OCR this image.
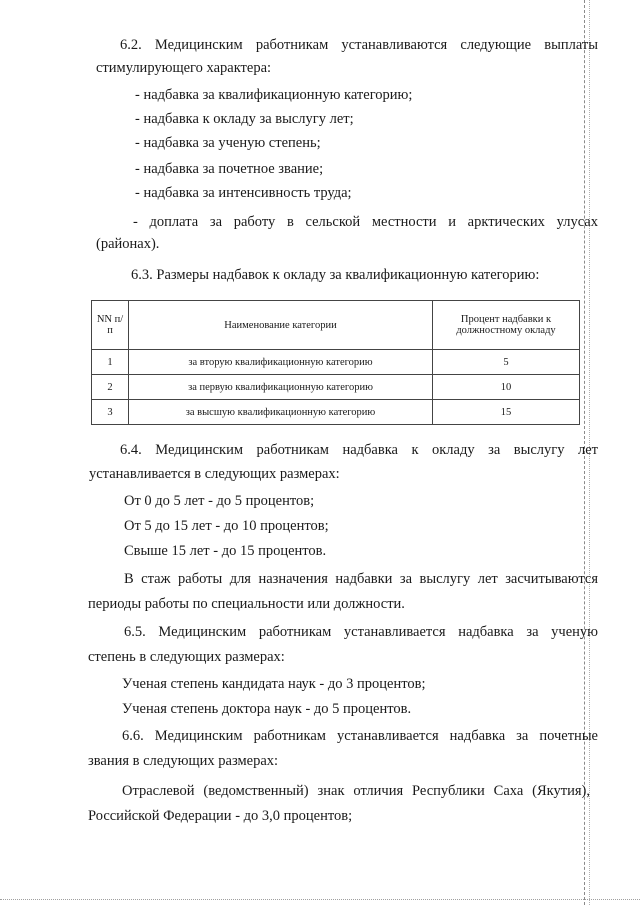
6.2. Медицинским работникам устанавливаются следующие выплаты
стимулирующего характера:
- надбавка за квалификационную категорию;
- надбавка к окладу за выслугу лет;
- надбавка за ученую степень;
- надбавка за почетное звание;
- надбавка за интенсивность труда;
- доплата за работу в сельской местности и арктических улусах
(районах).
6.3. Размеры надбавок к окладу за квалификационную категорию:
NN п/п	Наименование категории	Процент надбавки к должностному окладу
1	за вторую квалификационную категорию	5
2	за первую квалификационную категорию	10
3	за высшую квалификационную категорию	15
6.4. Медицинским работникам надбавка к окладу за выслугу лет
устанавливается в следующих размерах:
От 0 до 5 лет - до 5 процентов;
От 5 до 15 лет - до 10 процентов;
Свыше 15 лет - до 15 процентов.
В стаж работы для назначения надбавки за выслугу лет засчитываются
периоды работы по специальности или должности.
6.5. Медицинским работникам устанавливается надбавка за ученую
степень в следующих размерах:
Ученая степень кандидата наук - до 3 процентов;
Ученая степень доктора наук - до 5 процентов.
6.6. Медицинским работникам устанавливается надбавка за почетные
звания в следующих размерах:
Отраслевой (ведомственный) знак отличия Республики Саха (Якутия),
Российской Федерации - до 3,0 процентов;
